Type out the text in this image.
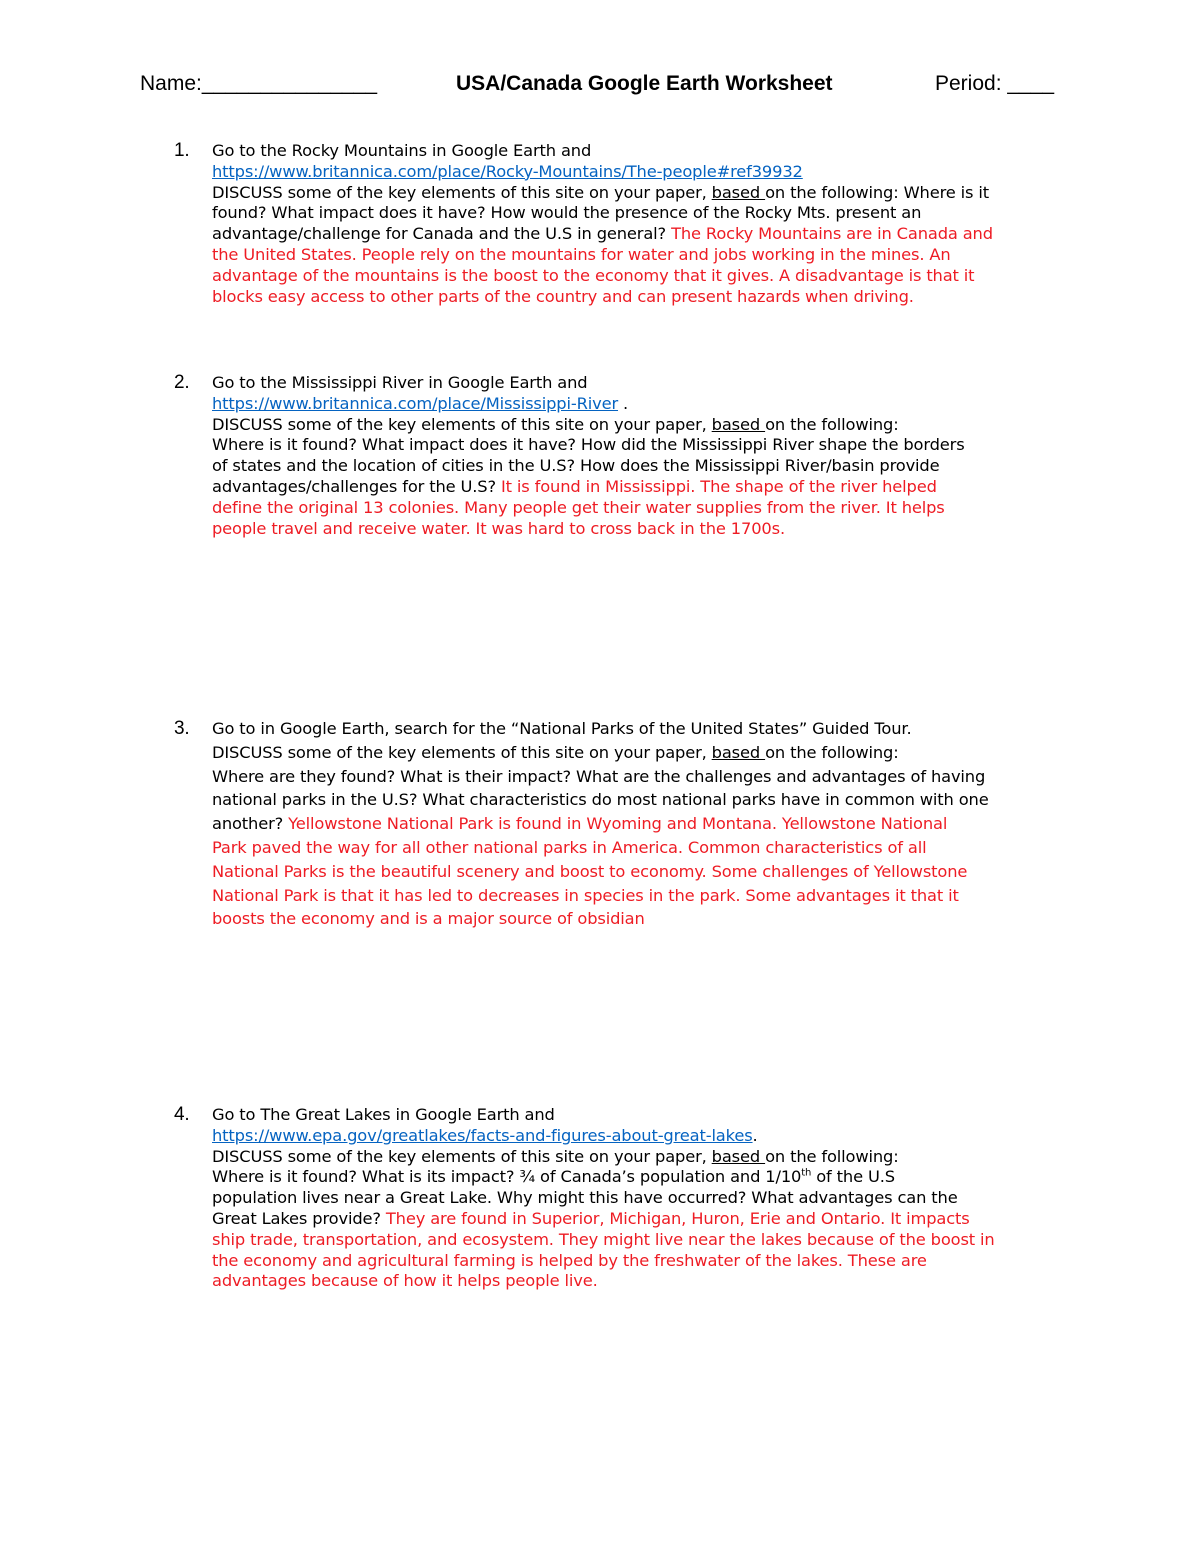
Name:_______________	USA/Canada Google Earth Worksheet	Period: ____
1. Go to the Rocky Mountains in Google Earth and
https://www.britannica.com/place/Rocky-Mountains/The-people#ref39932
DISCUSS some of the key elements of this site on your paper, based on the following: Where is it
found? What impact does it have? How would the presence of the Rocky Mts. present an
advantage/challenge for Canada and the U.S in general? The Rocky Mountains are in Canada and
the United States. People rely on the mountains for water and jobs working in the mines. An
advantage of the mountains is the boost to the economy that it gives. A disadvantage is that it
blocks easy access to other parts of the country and can present hazards when driving.
2. Go to the Mississippi River in Google Earth and
https://www.britannica.com/place/Mississippi-River .
DISCUSS some of the key elements of this site on your paper, based on the following:
Where is it found? What impact does it have? How did the Mississippi River shape the borders
of states and the location of cities in the U.S? How does the Mississippi River/basin provide
advantages/challenges for the U.S? It is found in Mississippi. The shape of the river helped
define the original 13 colonies. Many people get their water supplies from the river. It helps
people travel and receive water. It was hard to cross back in the 1700s.
3. Go to in Google Earth, search for the “National Parks of the United States” Guided Tour.
DISCUSS some of the key elements of this site on your paper, based on the following:
Where are they found? What is their impact? What are the challenges and advantages of having
national parks in the U.S? What characteristics do most national parks have in common with one
another? Yellowstone National Park is found in Wyoming and Montana. Yellowstone National
Park paved the way for all other national parks in America. Common characteristics of all
National Parks is the beautiful scenery and boost to economy. Some challenges of Yellowstone
National Park is that it has led to decreases in species in the park. Some advantages it that it
boosts the economy and is a major source of obsidian
4. Go to The Great Lakes in Google Earth and
https://www.epa.gov/greatlakes/facts-and-figures-about-great-lakes.
DISCUSS some of the key elements of this site on your paper, based on the following:
Where is it found? What is its impact? ¾ of Canada’s population and 1/10th of the U.S
population lives near a Great Lake. Why might this have occurred? What advantages can the
Great Lakes provide? They are found in Superior, Michigan, Huron, Erie and Ontario. It impacts
ship trade, transportation, and ecosystem. They might live near the lakes because of the boost in
the economy and agricultural farming is helped by the freshwater of the lakes. These are
advantages because of how it helps people live.
